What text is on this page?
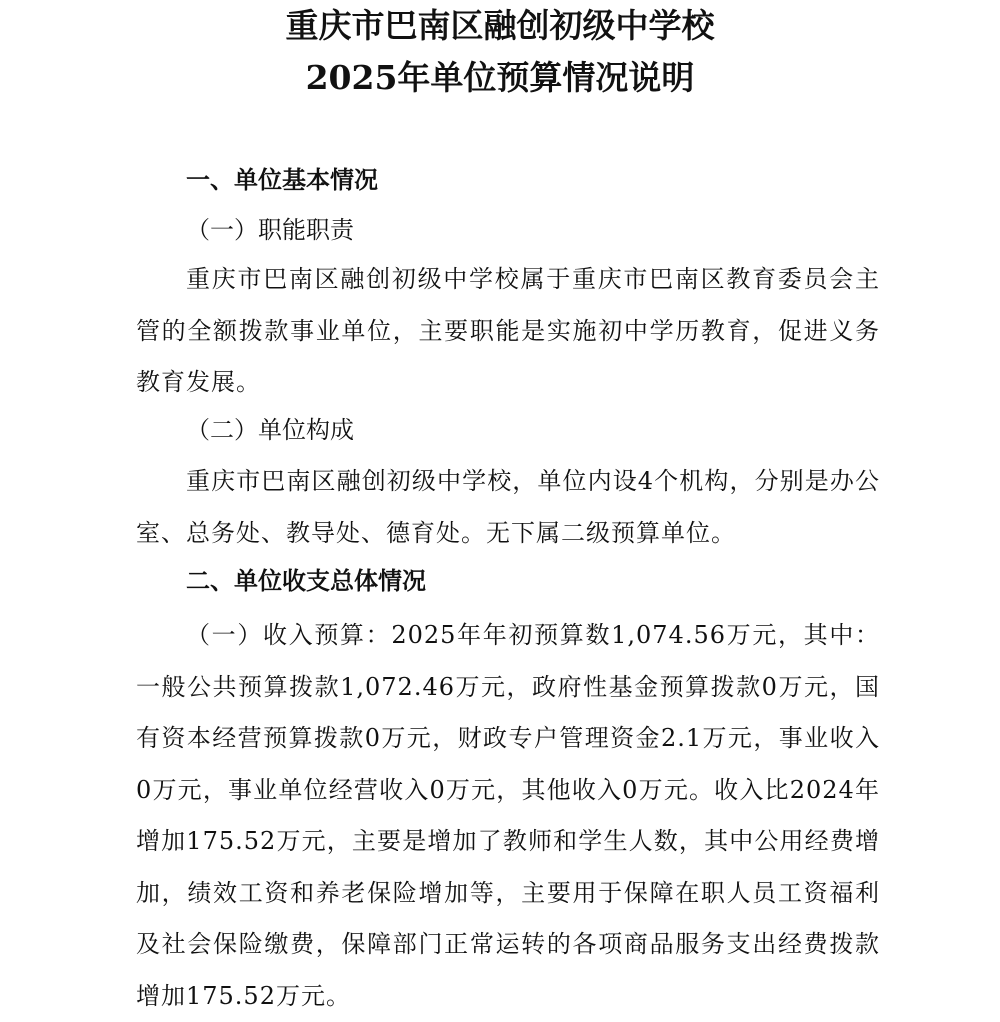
重庆市巴南区融创初级中学校
2025年单位预算情况说明
一、单位基本情况
（一）职能职责
重庆市巴南区融创初级中学校属于重庆市巴南区教育委员会主管的全额拨款事业单位，主要职能是实施初中学历教育，促进义务教育发展。
（二）单位构成
重庆市巴南区融创初级中学校，单位内设4个机构，分别是办公室、总务处、教导处、德育处。无下属二级预算单位。
二、单位收支总体情况
（一）收入预算：2025年年初预算数1,074.56万元，其中：一般公共预算拨款1,072.46万元，政府性基金预算拨款0万元，国有资本经营预算拨款0万元，财政专户管理资金2.1万元，事业收入0万元，事业单位经营收入0万元，其他收入0万元。收入比2024年增加175.52万元，主要是增加了教师和学生人数，其中公用经费增加，绩效工资和养老保险增加等，主要用于保障在职人员工资福利及社会保险缴费，保障部门正常运转的各项商品服务支出经费拨款增加175.52万元。
